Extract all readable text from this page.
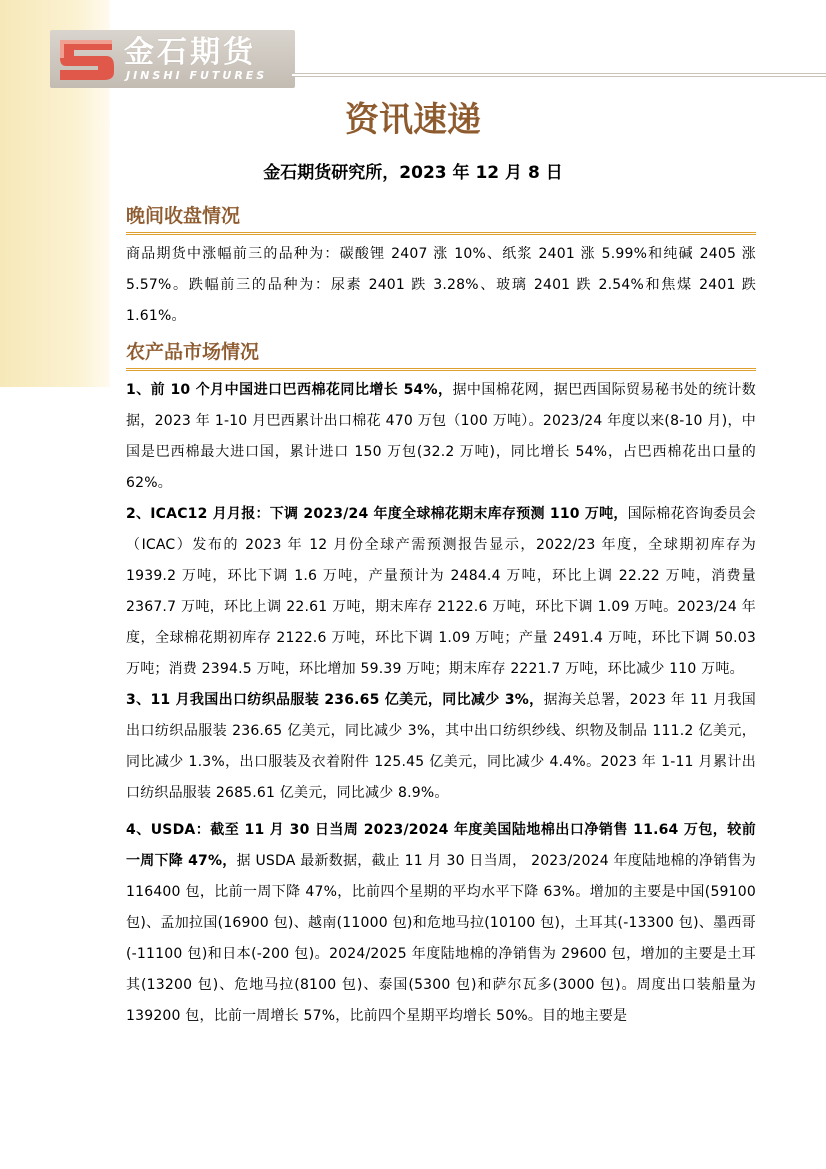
金石期货
JINSHI FUTURES
资讯速递
金石期货研究所，2023 年 12 月 8 日
晚间收盘情况

商品期货中涨幅前三的品种为：碳酸锂 2407 涨 10%、纸浆 2401 涨 5.99%和纯碱 2405 涨 5.57%。跌幅前三的品种为：尿素 2401 跌 3.28%、玻璃 2401 跌 2.54%和焦煤 2401 跌 1.61%。

农产品市场情况

1、前 10 个月中国进口巴西棉花同比增长 54%，据中国棉花网，据巴西国际贸易秘书处的统计数据，2023 年 1-10 月巴西累计出口棉花 470 万包（100 万吨）。2023/24 年度以来(8-10 月)，中国是巴西棉最大进口国，累计进口 150 万包(32.2 万吨)，同比增长 54%，占巴西棉花出口量的 62%。

2、ICAC12 月月报：下调 2023/24 年度全球棉花期末库存预测 110 万吨，国际棉花咨询委员会（ICAC）发布的 2023 年 12 月份全球产需预测报告显示，2022/23 年度，全球期初库存为 1939.2 万吨，环比下调 1.6 万吨，产量预计为 2484.4 万吨，环比上调 22.22 万吨，消费量 2367.7 万吨，环比上调 22.61 万吨，期末库存 2122.6 万吨，环比下调 1.09 万吨。2023/24 年度，全球棉花期初库存 2122.6 万吨，环比下调 1.09 万吨；产量 2491.4 万吨，环比下调 50.03 万吨；消费 2394.5 万吨，环比增加 59.39 万吨；期末库存 2221.7 万吨，环比减少 110 万吨。

3、11 月我国出口纺织品服装 236.65 亿美元，同比减少 3%，据海关总署，2023 年 11 月我国出口纺织品服装 236.65 亿美元，同比减少 3%，其中出口纺织纱线、织物及制品 111.2 亿美元，同比减少 1.3%，出口服装及衣着附件 125.45 亿美元，同比减少 4.4%。2023 年 1-11 月累计出口纺织品服装 2685.61 亿美元，同比减少 8.9%。

4、USDA：截至 11 月 30 日当周 2023/2024 年度美国陆地棉出口净销售 11.64 万包，较前一周下降 47%，据 USDA 最新数据，截止 11 月 30 日当周， 2023/2024 年度陆地棉的净销售为 116400 包，比前一周下降 47%，比前四个星期的平均水平下降 63%。增加的主要是中国(59100 包)、孟加拉国(16900 包)、越南(11000 包)和危地马拉(10100 包)，土耳其(-13300 包)、墨西哥(-11100 包)和日本(-200 包)。2024/2025 年度陆地棉的净销售为 29600 包，增加的主要是土耳其(13200 包)、危地马拉(8100 包)、泰国(5300 包)和萨尔瓦多(3000 包)。周度出口装船量为 139200 包，比前一周增长 57%，比前四个星期平均增长 50%。目的地主要是
